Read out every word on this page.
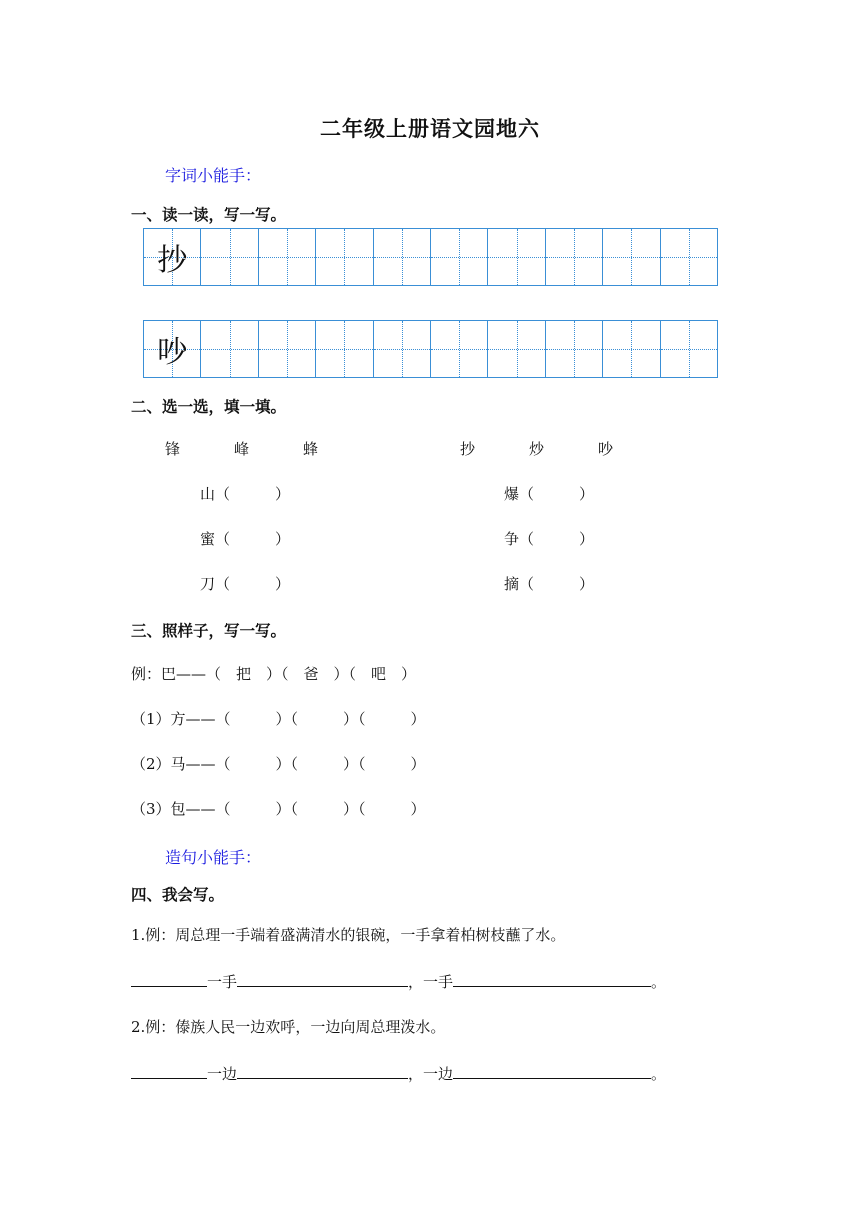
二年级上册语文园地六
字词小能手：
一、读一读，写一写。
抄
吵
二、选一选，填一填。
锋	峰	蜂	抄	炒	吵
山（　　　）
蜜（　　　）
刀（　　　）
爆（　　　）
争（　　　）
摘（　　　）
三、照样子，写一写。
例：巴——（　把　）（　爸　）（　吧　）
（1）方——（　　　）（　　　）（　　　）
（2）马——（　　　）（　　　）（　　　）
（3）包——（　　　）（　　　）（　　　）
造句小能手：
四、我会写。
1.例：周总理一手端着盛满清水的银碗，一手拿着柏树枝蘸了水。
一手	，一手	。
2.例：傣族人民一边欢呼，一边向周总理泼水。
一边	，一边	。
